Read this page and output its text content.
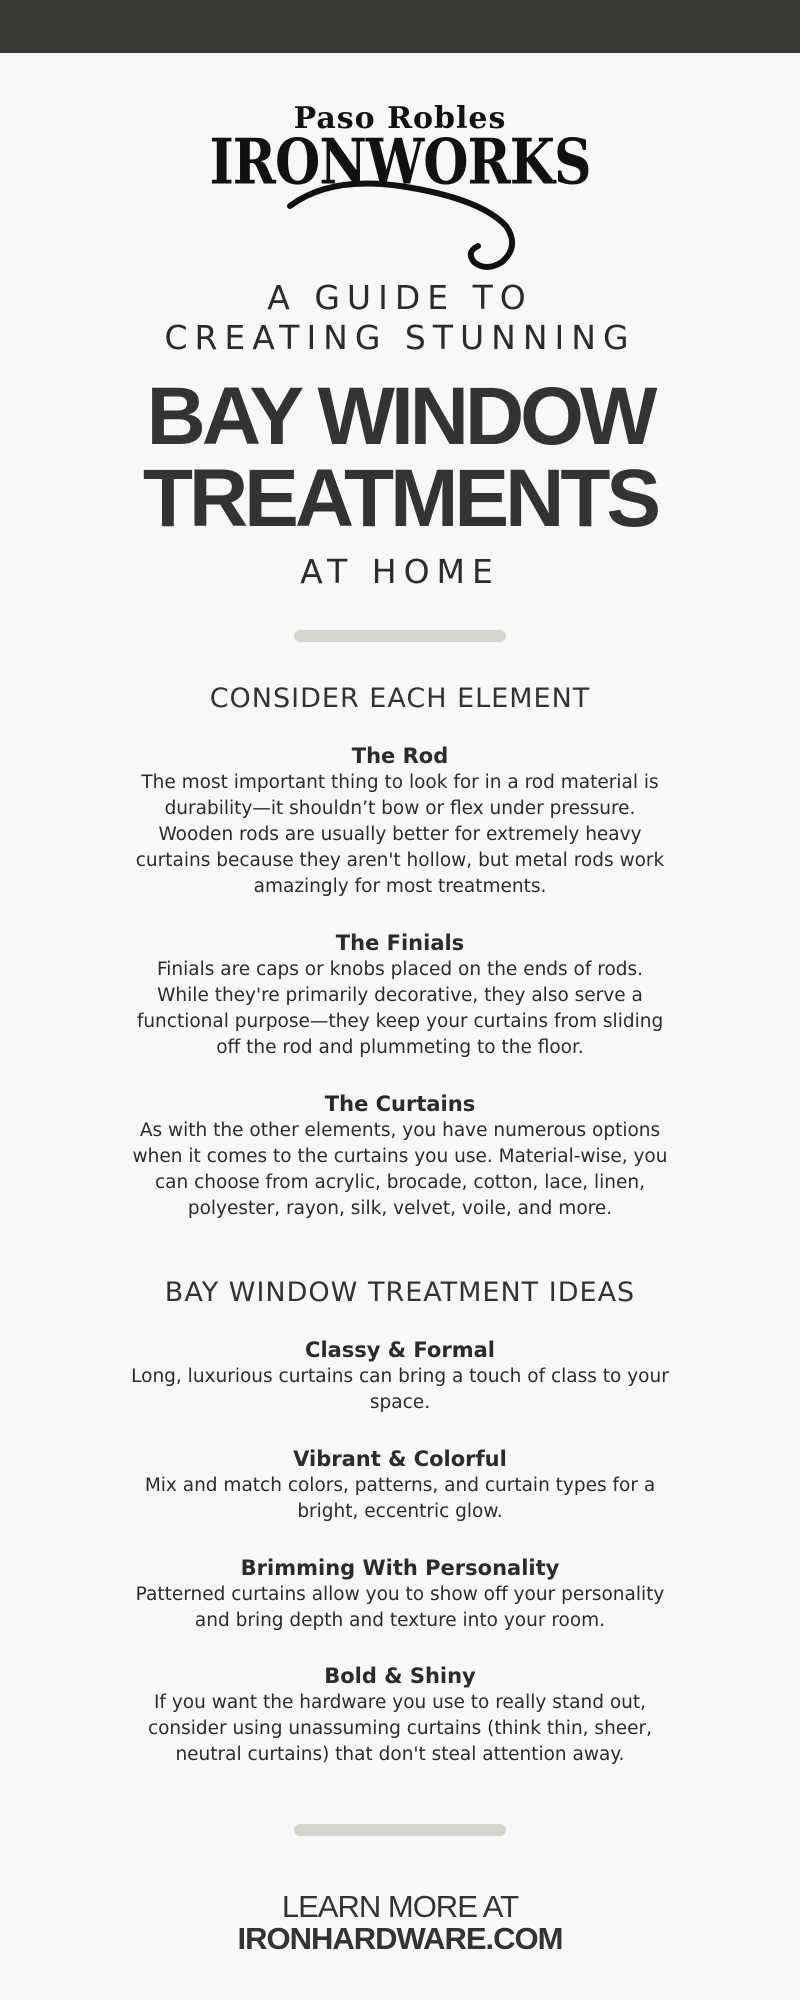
Paso Robles
IRONWORKS
A GUIDE TO
CREATING STUNNING
BAY WINDOW
TREATMENTS
AT HOME
CONSIDER EACH ELEMENT
The Rod
The most important thing to look for in a rod material is durability—it shouldn’t bow or flex under pressure. Wooden rods are usually better for extremely heavy curtains because they aren't hollow, but metal rods work amazingly for most treatments.
The Finials
Finials are caps or knobs placed on the ends of rods. While they're primarily decorative, they also serve a functional purpose—they keep your curtains from sliding off the rod and plummeting to the floor.
The Curtains
As with the other elements, you have numerous options when it comes to the curtains you use. Material-wise, you can choose from acrylic, brocade, cotton, lace, linen, polyester, rayon, silk, velvet, voile, and more.
BAY WINDOW TREATMENT IDEAS
Classy & Formal
Long, luxurious curtains can bring a touch of class to your space.
Vibrant & Colorful
Mix and match colors, patterns, and curtain types for a bright, eccentric glow.
Brimming With Personality
Patterned curtains allow you to show off your personality and bring depth and texture into your room.
Bold & Shiny
If you want the hardware you use to really stand out, consider using unassuming curtains (think thin, sheer, neutral curtains) that don't steal attention away.
LEARN MORE AT
IRONHARDWARE.COM
